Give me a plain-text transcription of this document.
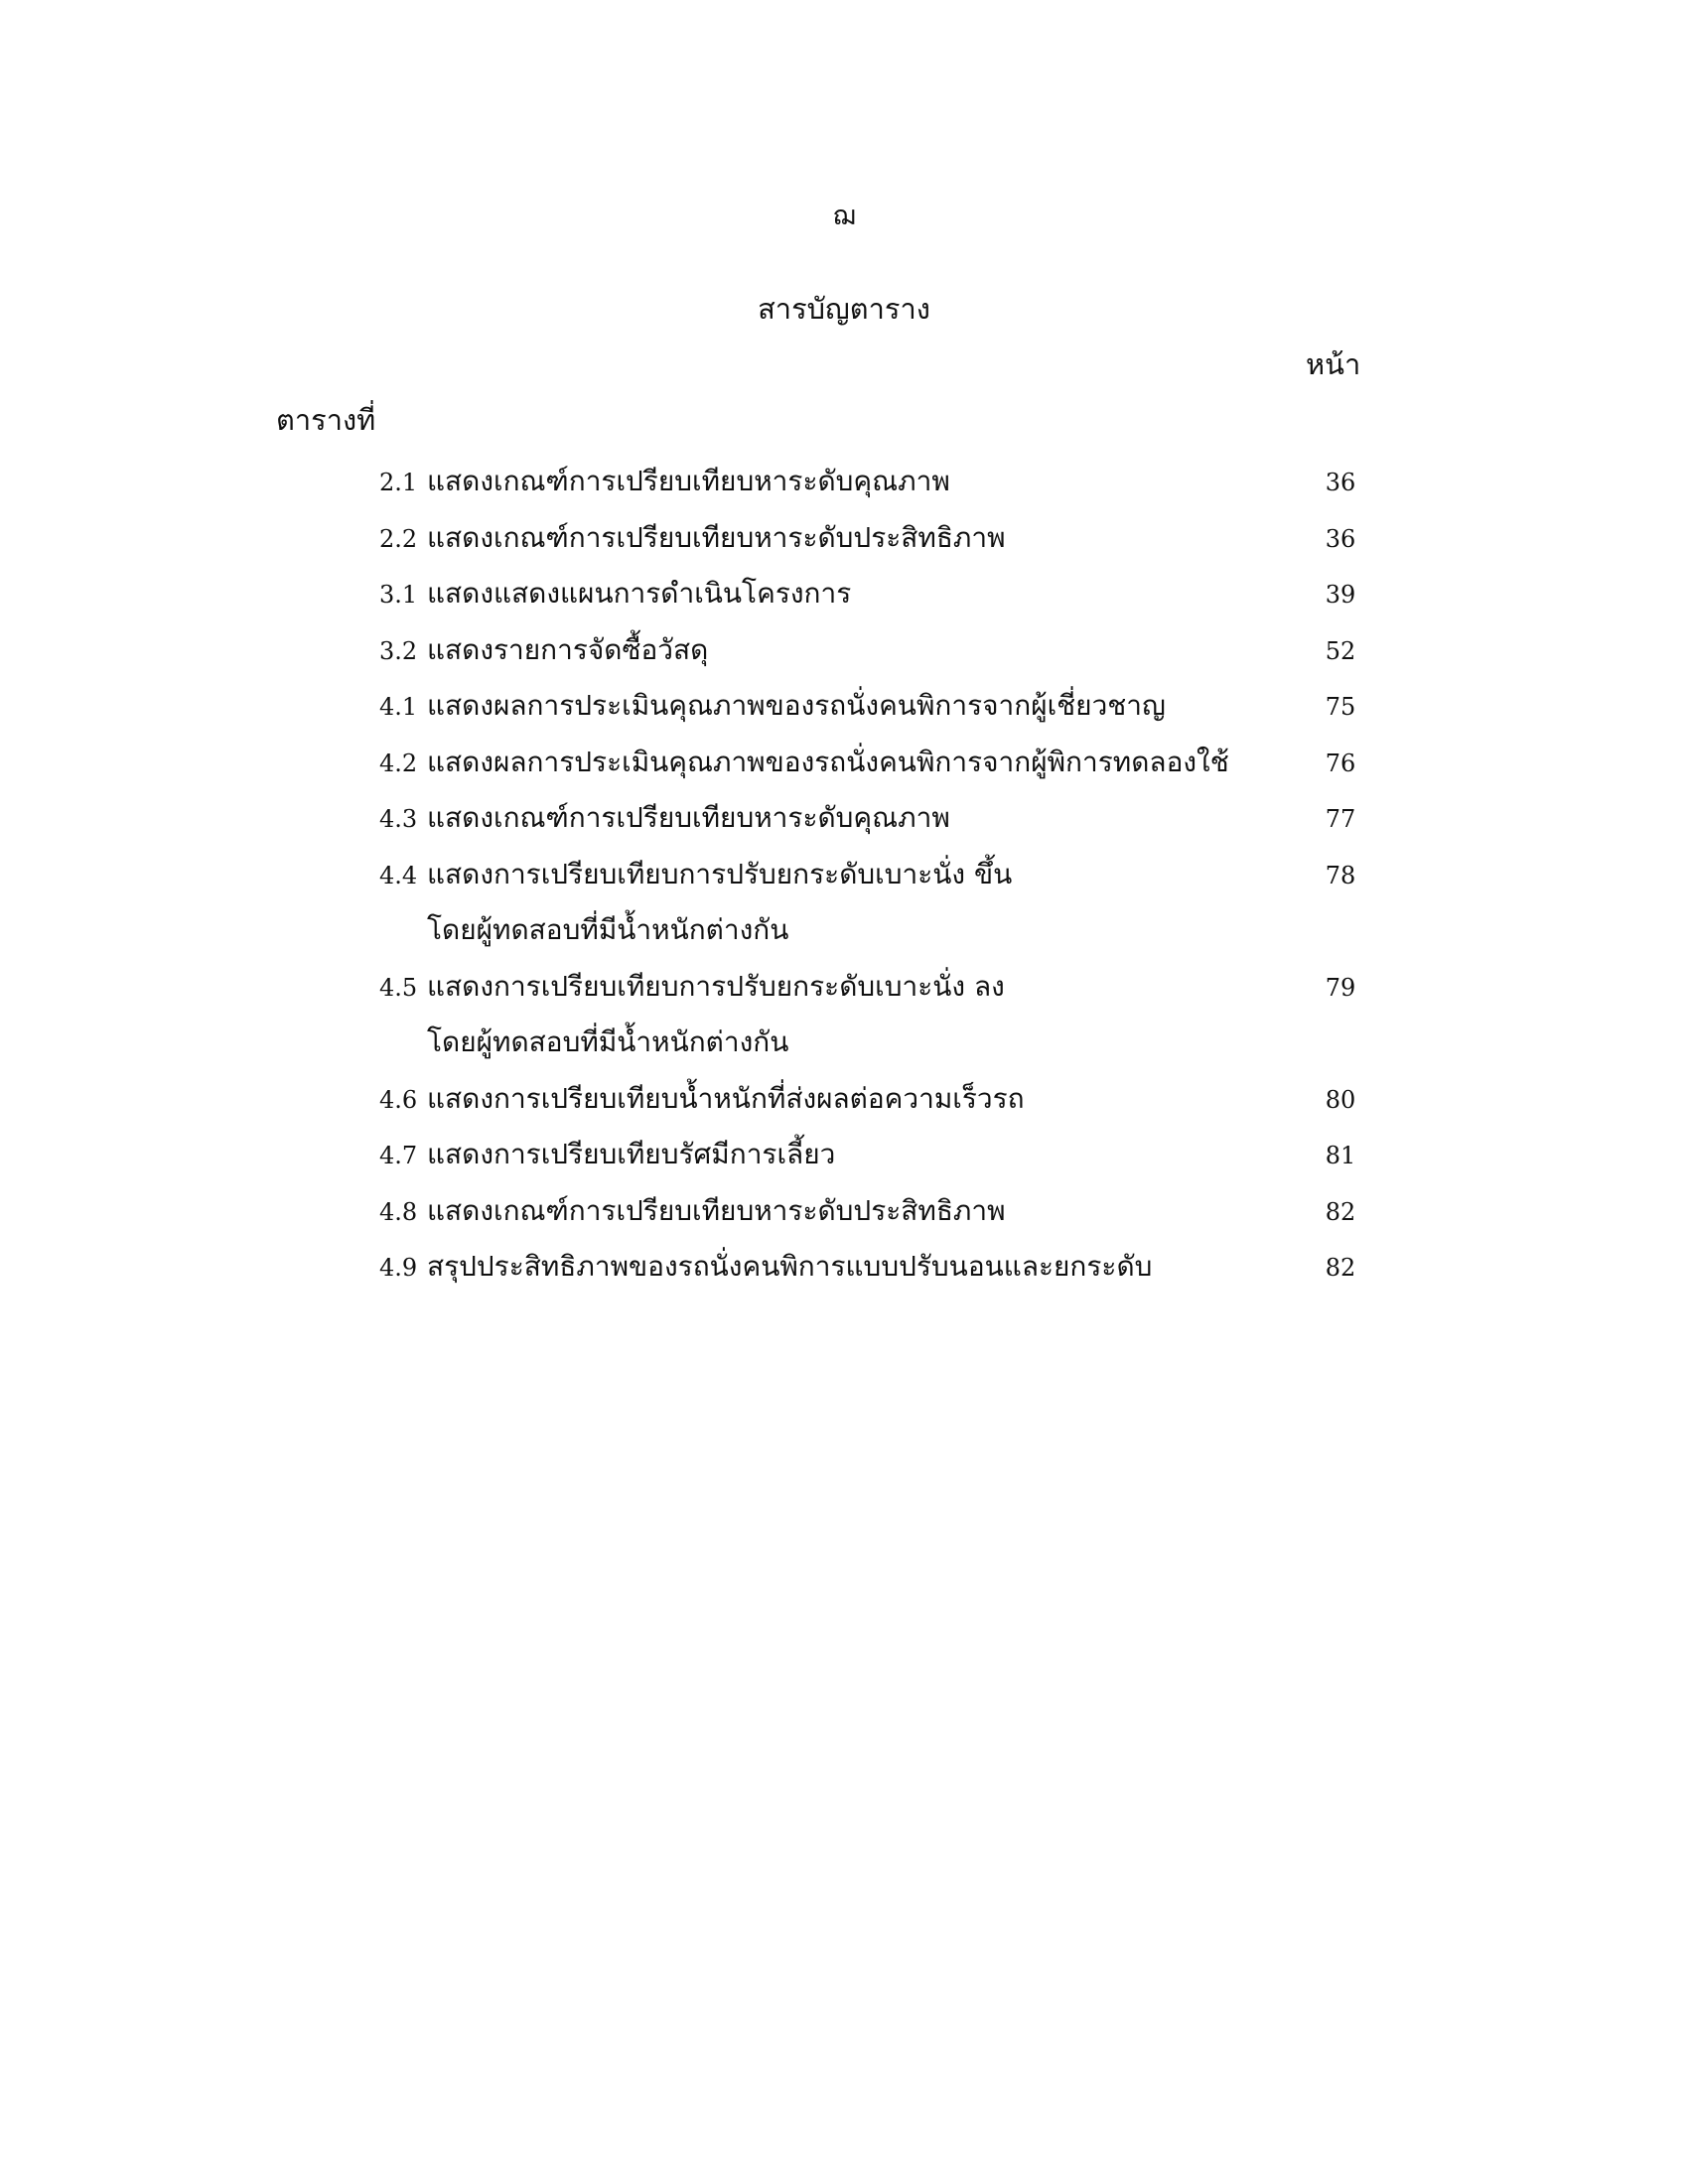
ฌ
สารบัญตาราง
หน้า
ตารางที่
2.1 แสดงเกณฑ์การเปรียบเทียบหาระดับคุณภาพ	36
2.2 แสดงเกณฑ์การเปรียบเทียบหาระดับประสิทธิภาพ	36
3.1 แสดงแสดงแผนการดำเนินโครงการ	39
3.2 แสดงรายการจัดซื้อวัสดุ	52
4.1 แสดงผลการประเมินคุณภาพของรถนั่งคนพิการจากผู้เชี่ยวชาญ	75
4.2 แสดงผลการประเมินคุณภาพของรถนั่งคนพิการจากผู้พิการทดลองใช้	76
4.3 แสดงเกณฑ์การเปรียบเทียบหาระดับคุณภาพ	77
4.4 แสดงการเปรียบเทียบการปรับยกระดับเบาะนั่ง ขึ้น	78
โดยผู้ทดสอบที่มีน้ำหนักต่างกัน
4.5 แสดงการเปรียบเทียบการปรับยกระดับเบาะนั่ง ลง	79
โดยผู้ทดสอบที่มีน้ำหนักต่างกัน
4.6 แสดงการเปรียบเทียบน้ำหนักที่ส่งผลต่อความเร็วรถ	80
4.7 แสดงการเปรียบเทียบรัศมีการเลี้ยว	81
4.8 แสดงเกณฑ์การเปรียบเทียบหาระดับประสิทธิภาพ	82
4.9 สรุปประสิทธิภาพของรถนั่งคนพิการแบบปรับนอนและยกระดับ	82
